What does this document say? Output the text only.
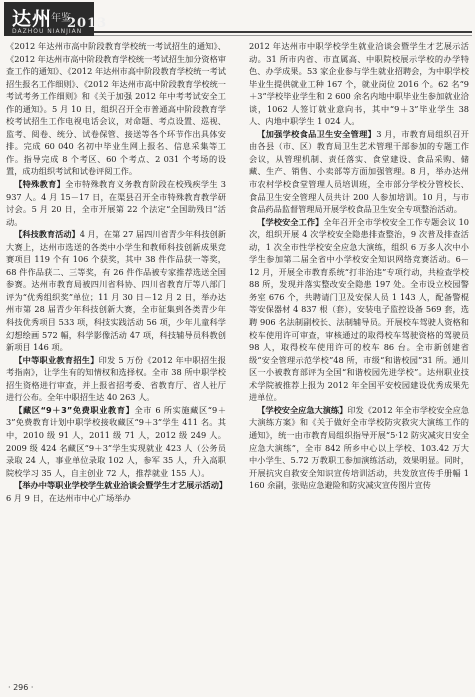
达州
年鉴
2013
DAZHOU NIANJIAN

《2012 年达州市高中阶段教育学校统一考试招生的通知》、《2012 年达州市高中阶段教育学校统一考试招生加分资格审查工作的通知》、《2012 年达州市高中阶段教育学校统一考试招生报名工作细则》、《2012 年达州市高中阶段教育学校统一考试考务工作细则》和《关于加强 2012 年中考考试安全工作的通知》。5 月 10 日，组织召开全市普通高中阶段教育学校考试招生工作电视电话会议，对命题、考点设置、巡视、监考、阅卷、统分、试卷保管、接送等各个环节作出具体安排。完成 60 040 名初中毕业生网上报名、信息采集等工作。指导完成 8 个考区、60 个考点、2 031 个考场的设置，成功组织考试和试卷评阅工作。

【特殊教育】全市特殊教育义务教育阶段在校残疾学生 3 937 人。4 月 15－17 日，在渠县召开全市特殊教育教学研讨会。5 月 20 日，全市开展第 22 个法定“全国助残日”活动。

【科技教育活动】4 月，在第 27 届四川省青少年科技创新大赛上，达州市选送的各类中小学生和教师科技创新成果竞赛项目 119 个有 106 个获奖，其中 38 件作品获一等奖，68 件作品获二、三等奖，有 26 件作品被专家推荐选送全国参赛。达州市教育局被四川省科协、四川省教育厅等八部门评为“优秀组织奖”单位；11 月 30 日－12 月 2 日，举办达州市第 28 届青少年科技创新大赛，全市征集到各类青少年科技优秀项目 533 项，科技实践活动 56 项，少年儿童科学幻想绘画 572 幅，科学影像活动 47 项，科技辅导员科教创新项目 146 项。

【中等职业教育招生】印发 5 万份《2012 年中职招生报考指南》，让学生有的知情权和选择权。全市 38 所中职学校招生资格进行审查，并上报省招考委、省教育厅、省人社厅进行公布。全年中职招生达 40 263 人。

【藏区“9＋3”免费职业教育】全市 6 所实施藏区“9＋3”免费教育计划中职学校接收藏区“9＋3”学生 411 名。其中，2010 级 91 人，2011 级 71 人，2012 级 249 人。2009 级 424 名藏区“9＋3”学生实现就业 423 人（公务员录取 24 人，事业单位录取 102 人，参军 35 人，升入高职院校学习 35 人，自主创业 72 人，推荐就业 155 人）。

【举办中等职业学校学生就业洽谈会暨学生才艺展示活动】6 月 9 日，在达州市中心广场举办

2012 年达州市中职学校学生就业洽谈会暨学生才艺展示活动。31 所市内省、市直属高、中职院校展示学校的办学特色、办学成果。53 家企业参与学生就业招聘会，为中职学校毕业生提供就业工种 167 个，就业岗位 2016 个。62 名“9＋3”学校毕业学生和 2 600 余名内地中职毕业生参加就业洽谈，1062 人签订就业意向书，其中“9＋3”毕业学生 38 人、内地中职学生 1 024 人。

【加强学校食品卫生安全管理】3 月，市教育局组织召开由各县（市、区）教育局卫生艺术管理干部参加的专题工作会议，从管理机制、责任落实、食堂建设、食品采购、储藏、生产、销售、小卖部等方面加强管理。8 月，举办达州市农村学校食堂管理人员培训班，全市部分学校分管校长、食品卫生安全管理人员共计 200 人参加培训。10 月，与市食品药品监督管理局开展学校食品卫生安全专项整治活动。

【学校安全工作】全年召开全市学校安全工作专题会议 10 次，组织开展 4 次学校安全隐患排查整治，9 次普及排查活动，1 次全市性学校安全应急大演练，组织 6 万多人次中小学生参加第二届全省中小学校安全知识网络竞赛活动。6－12 月，开展全市教育系统“打非治违”专项行动，共检查学校 88 所，发现并落实整改安全隐患 197 处。全市设立校园警务室 676 个，共聘请门卫及安保人员 1 143 人，配备警棍等安保器材 4 837 根（套），安装电子监控设备 569 套，选聘 906 名法制副校长、法制辅导员。开展校车驾驶人资格和校车使用许可审查，审核通过的取得校车驾驶资格的驾驶员 98 人，取得校车使用许可的校车 86 台。全市新创建省级“安全管理示范学校”48 所，市级“和谐校园”31 所。通川区一小被教育部评为全国“和谐校园先进学校”。达州职业技术学院被推荐上报为 2012 年全国平安校园建设优秀成果先进单位。

【学校安全应急大演练】印发《2012 年全市学校安全应急大演练方案》和《关于做好全市学校防灾救灾大演练工作的通知》，统一由市教育局组织指导开展“5·12 防灾减灾日安全应急大演练”，全市 842 所乡中心以上学校、103.42 万大中小学生、5.72 万教职工参加演练活动，效果明显。同时，开展抗灾自救安全知识宣传培训活动，共发放宣传手册幅 1 160 余副，张贴应急避险和防灾减灾宣传图片宣传

· 296 ·
